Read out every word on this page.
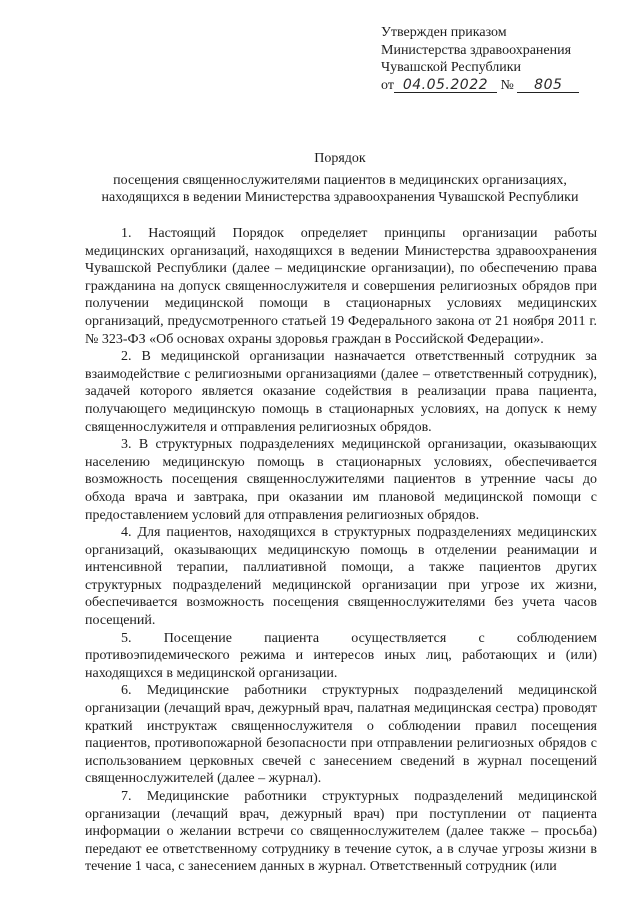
Утвержден приказом
Министерства здравоохранения
Чувашской Республики
от 04.05.2022 № 805
Порядок
посещения священнослужителями пациентов в медицинских организациях,
находящихся в ведении Министерства здравоохранения Чувашской Республики

1. Настоящий Порядок определяет принципы организации работы медицинских организаций, находящихся в ведении Министерства здравоохранения Чувашской Республики (далее – медицинские организации), по обеспечению права гражданина на допуск священнослужителя и совершения религиозных обрядов при получении медицинской помощи в стационарных условиях медицинских организаций, предусмотренного статьей 19 Федерального закона от 21 ноября 2011 г. № 323-ФЗ «Об основах охраны здоровья граждан в Российской Федерации».

2. В медицинской организации назначается ответственный сотрудник за взаимодействие с религиозными организациями (далее – ответственный сотрудник), задачей которого является оказание содействия в реализации права пациента, получающего медицинскую помощь в стационарных условиях, на допуск к нему священнослужителя и отправления религиозных обрядов.

3. В структурных подразделениях медицинской организации, оказывающих населению медицинскую помощь в стационарных условиях, обеспечивается возможность посещения священнослужителями пациентов в утренние часы до обхода врача и завтрака, при оказании им плановой медицинской помощи с предоставлением условий для отправления религиозных обрядов.

4. Для пациентов, находящихся в структурных подразделениях медицинских организаций, оказывающих медицинскую помощь в отделении реанимации и интенсивной терапии, паллиативной помощи, а также пациентов других структурных подразделений медицинской организации при угрозе их жизни, обеспечивается возможность посещения священнослужителями без учета часов посещений.

5. Посещение пациента осуществляется с соблюдением противоэпидемического режима и интересов иных лиц, работающих и (или) находящихся в медицинской организации.

6. Медицинские работники структурных подразделений медицинской организации (лечащий врач, дежурный врач, палатная медицинская сестра) проводят краткий инструктаж священнослужителя о соблюдении правил посещения пациентов, противопожарной безопасности при отправлении религиозных обрядов с использованием церковных свечей с занесением сведений в журнал посещений священнослужителей (далее – журнал).

7. Медицинские работники структурных подразделений медицинской организации (лечащий врач, дежурный врач) при поступлении от пациента информации о желании встречи со священнослужителем (далее также – просьба) передают ее ответственному сотруднику в течение суток, а в случае угрозы жизни в течение 1 часа, с занесением данных в журнал. Ответственный сотрудник (или
